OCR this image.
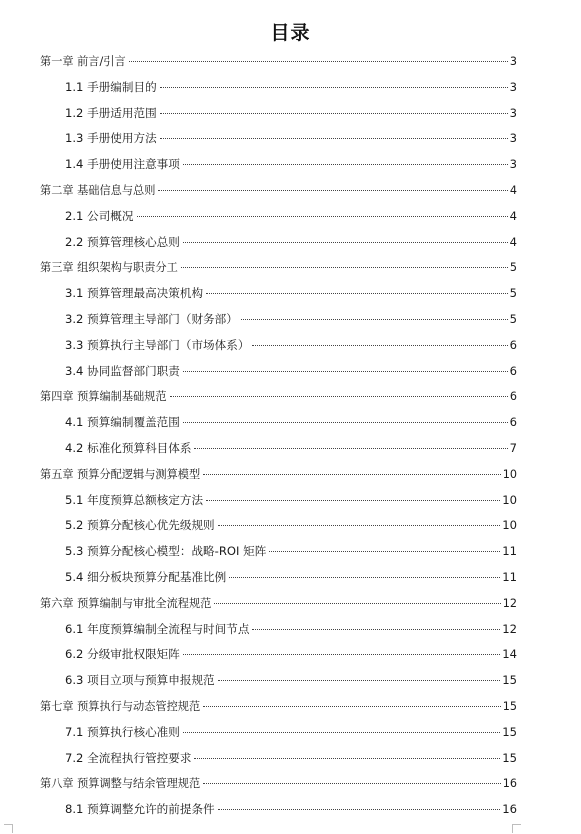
目录
第一章 前言/引言	3
1.1 手册编制目的	3
1.2 手册适用范围	3
1.3 手册使用方法	3
1.4 手册使用注意事项	3
第二章 基础信息与总则	4
2.1 公司概况	4
2.2 预算管理核心总则	4
第三章 组织架构与职责分工	5
3.1 预算管理最高决策机构	5
3.2 预算管理主导部门（财务部）	5
3.3 预算执行主导部门（市场体系）	6
3.4 协同监督部门职责	6
第四章 预算编制基础规范	6
4.1 预算编制覆盖范围	6
4.2 标准化预算科目体系	7
第五章 预算分配逻辑与测算模型	10
5.1 年度预算总额核定方法	10
5.2 预算分配核心优先级规则	10
5.3 预算分配核心模型：战略-ROI 矩阵	11
5.4 细分板块预算分配基准比例	11
第六章 预算编制与审批全流程规范	12
6.1 年度预算编制全流程与时间节点	12
6.2 分级审批权限矩阵	14
6.3 项目立项与预算申报规范	15
第七章 预算执行与动态管控规范	15
7.1 预算执行核心准则	15
7.2 全流程执行管控要求	15
第八章 预算调整与结余管理规范	16
8.1 预算调整允许的前提条件	16
